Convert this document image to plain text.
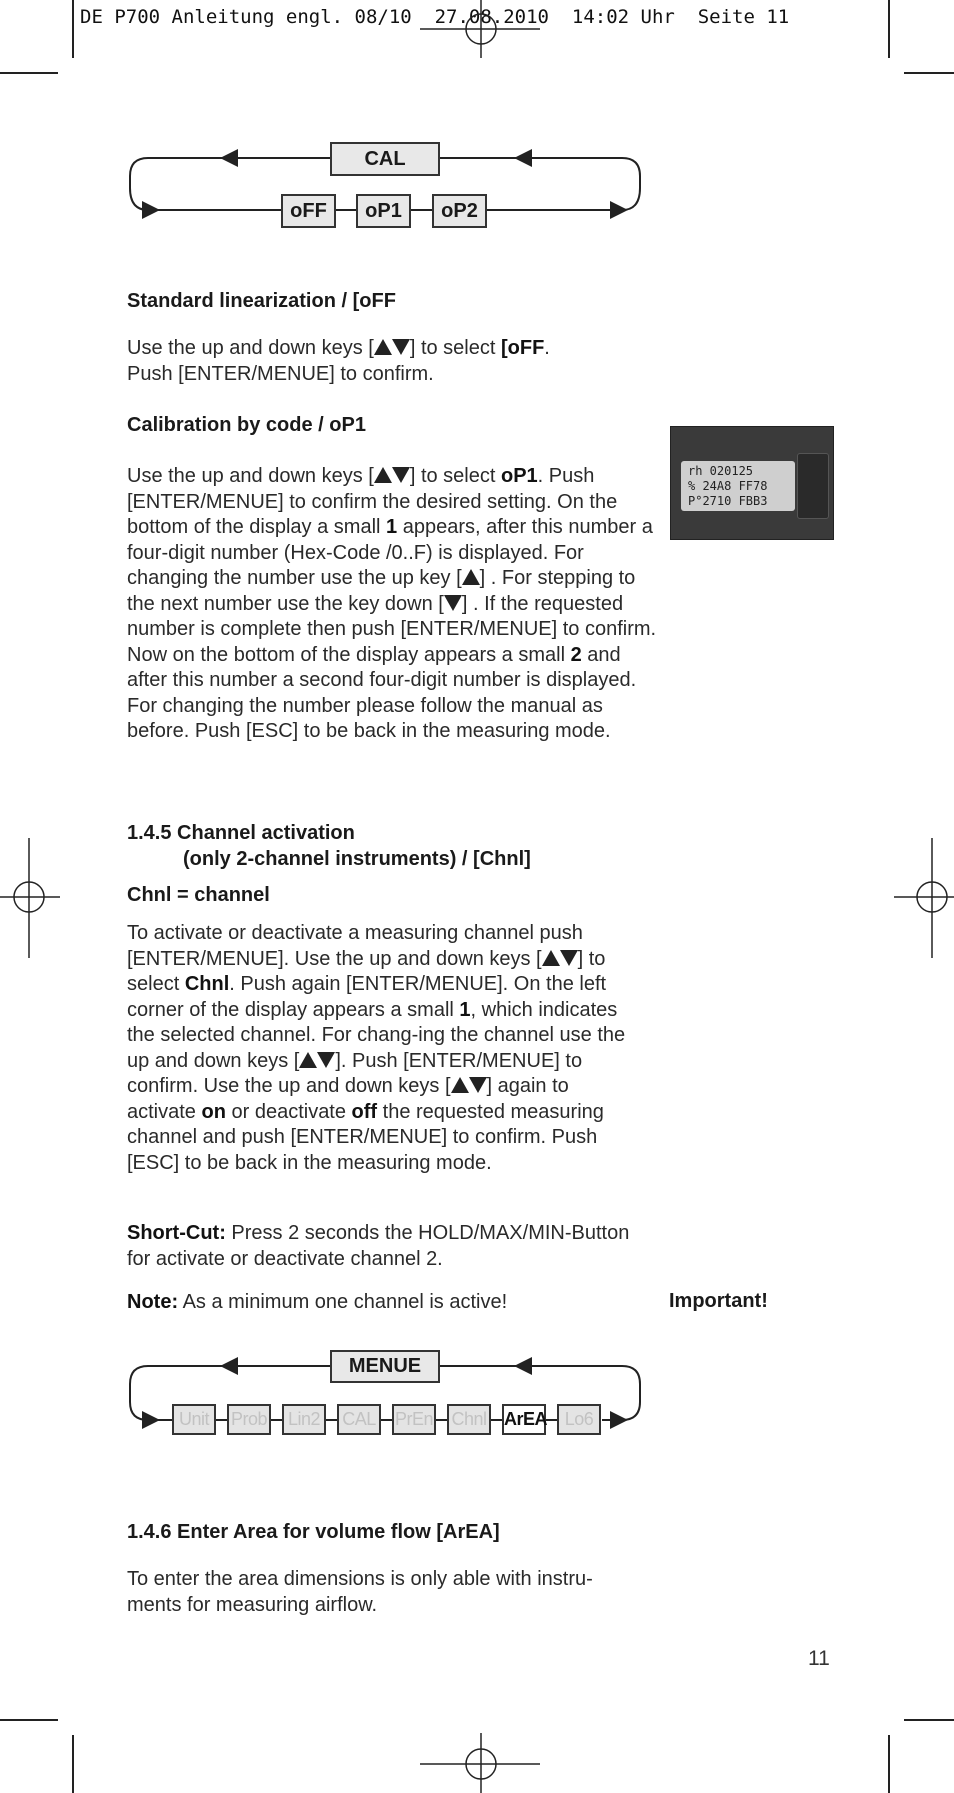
DE P700 Anleitung engl. 08/10  27.08.2010  14:02 Uhr  Seite 11
CAL
oFF	oP1	oP2
Standard linearization / [oFF
Use the up and down keys [ ] to select [oFF.
Push [ENTER/MENUE] to confirm.
Calibration by code / oP1
Use the up and down keys [ ] to select oP1. Push [ENTER/MENUE] to confirm the desired setting. On the bottom of the display a small 1 appears, after this number a four-digit number (Hex-Code /0..F) is displayed. For changing the number use the up key [ ] . For stepping to the next number use the key down [ ] . If the requested number is complete then push [ENTER/MENUE] to confirm. Now on the bottom of the display appears a small 2 and after this number a second four-digit number is displayed. For changing the number please follow the manual as before. Push [ESC] to be back in the measuring mode.
rh 020125
% 24A8 FF78
P°2710 FBB3
1.4.5 Channel activation
(only 2-channel instruments) / [Chnl]
Chnl = channel
To activate or deactivate a measuring channel push [ENTER/MENUE]. Use the up and down keys [ ] to select Chnl. Push again [ENTER/MENUE]. On the left corner of the display appears a small 1, which indicates the selected channel. For chang-ing the channel use the up and down keys [ ]. Push [ENTER/MENUE] to confirm. Use the up and down keys [ ] again to activate on or deactivate off the requested measuring channel and push [ENTER/MENUE] to confirm. Push [ESC] to be back in the measuring mode.
Short-Cut: Press 2 seconds the HOLD/MAX/MIN-Button for activate or deactivate channel 2.
Note: As a minimum one channel is active!	Important!
MENUE
Unit	Prob	Lin2	CAL PrEn Chnl ArEA Lo6
1.4.6 Enter Area for volume flow [ArEA]
To enter the area dimensions is only able with instru-ments for measuring airflow.
11
